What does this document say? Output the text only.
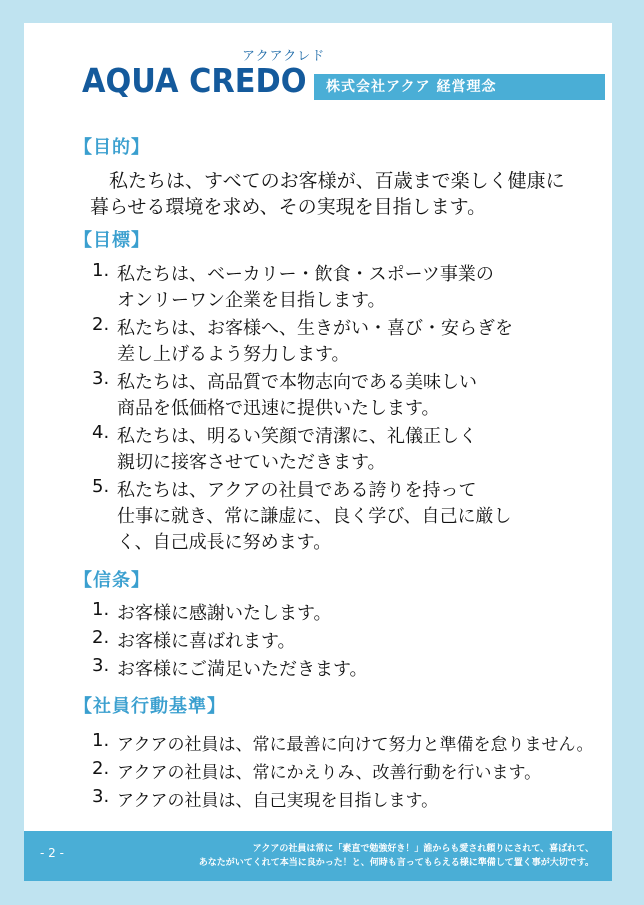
アクアクレド
AQUA CREDO	株式会社アクア 経営理念
【目的】
　私たちは、すべてのお客様が、百歳まで楽しく健康に
暮らせる環境を求め、その実現を目指します。
【目標】
1. 私たちは、ベーカリー・飲食・スポーツ事業の
オンリーワン企業を目指します。
2. 私たちは、お客様へ、生きがい・喜び・安らぎを
差し上げるよう努力します。
3. 私たちは、高品質で本物志向である美味しい
商品を低価格で迅速に提供いたします。
4. 私たちは、明るい笑顔で清潔に、礼儀正しく
親切に接客させていただきます。
5. 私たちは、アクアの社員である誇りを持って
仕事に就き、常に謙虚に、良く学び、自己に厳し
く、自己成長に努めます。
【信条】
1. お客様に感謝いたします。
2. お客様に喜ばれます。
3. お客様にご満足いただきます。
【社員行動基準】
1. アクアの社員は、常に最善に向けて努力と準備を怠りません。
2. アクアの社員は、常にかえりみ、改善行動を行います。
3. アクアの社員は、自己実現を目指します。
- 2 -	アクアの社員は常に「素直で勉強好き！」誰からも愛され頼りにされて、喜ばれて、
あなたがいてくれて本当に良かった！と、何時も言ってもらえる様に準備して置く事が大切です。
